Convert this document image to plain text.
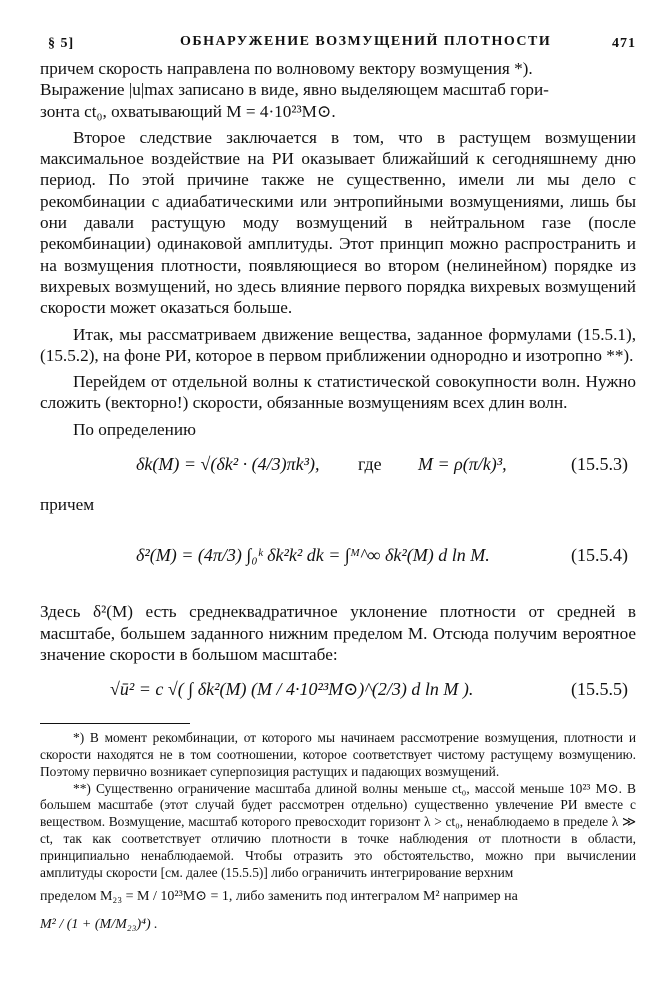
§ 5]	ОБНАРУЖЕНИЕ ВОЗМУЩЕНИЙ ПЛОТНОСТИ	471

причем скорость направлена по волновому вектору возмущения *).

Выражение |u|max записано в виде, явно выделяющем масштаб гори-

зонта ct₀, охватывающий M = 4·10²³M⊙.

Второе следствие заключается в том, что в растущем возмущении максимальное воздействие на РИ оказывает ближайший к сегодняшнему дню период. По этой причине также не существенно, имели ли мы дело с рекомбинации с адиабатическими или энтропийными возмущениями, лишь бы они давали растущую моду возмущений в нейтральном газе (после рекомбинации) одинаковой амплитуды. Этот принцип можно распространить и на возмущения плотности, появляющиеся во втором (нелинейном) порядке из вихревых возмущений, но здесь влияние первого порядка вихревых возмущений скорости может оказаться больше.

Итак, мы рассматриваем движение вещества, заданное формулами (15.5.1), (15.5.2), на фоне РИ, которое в первом приближении однородно и изотропно **).

Перейдем от отдельной волны к статистической совокупности волн. Нужно сложить (векторно!) скорости, обязанные возмущениям всех длин волн.

По определению

δk(M) = √(δk² · (4/3)πk³), где M = ρ(π/k)³,	(15.5.3)

причем

δ²(M) = (4π/3) ∫₀ᵏ δk²k² dk = ∫ᴹ^∞ δk²(M) d ln M.	(15.5.4)

Здесь δ²(M) есть среднеквадратичное уклонение плотности от средней в масштабе, большем заданного нижним пределом M. Отсюда получим вероятное значение скорости в большом масштабе:

√ū² = c √( ∫ δk²(M) (M / 4·10²³M⊙)^(2/3) d ln M ).	(15.5.5)

*) В момент рекомбинации, от которого мы начинаем рассмотрение возмущения, плотности и скорости находятся не в том соотношении, которое соответствует чистому растущему возмущению. Поэтому первично возникает суперпозиция растущих и падающих возмущений.

**) Существенно ограничение масштаба длиной волны меньше ct₀, массой меньше 10²³ M⊙. В большем масштабе (этот случай будет рассмотрен отдельно) существенно увлечение РИ вместе с веществом. Возмущение, масштаб которого превосходит горизонт λ > ct₀, ненаблюдаемо в пределе λ ≫ ct, так как соответствует отличию плотности в точке наблюдения от плотности в области, принципиально ненаблюдаемой. Чтобы отразить это обстоятельство, можно при вычислении амплитуды скорости [см. далее (15.5.5)] либо ограничить интегрирование верхним

пределом M₂₃ = M / 10²³M⊙ = 1, либо заменить под интегралом M² например на
M² / (1 + (M/M₂₃)⁴) .
